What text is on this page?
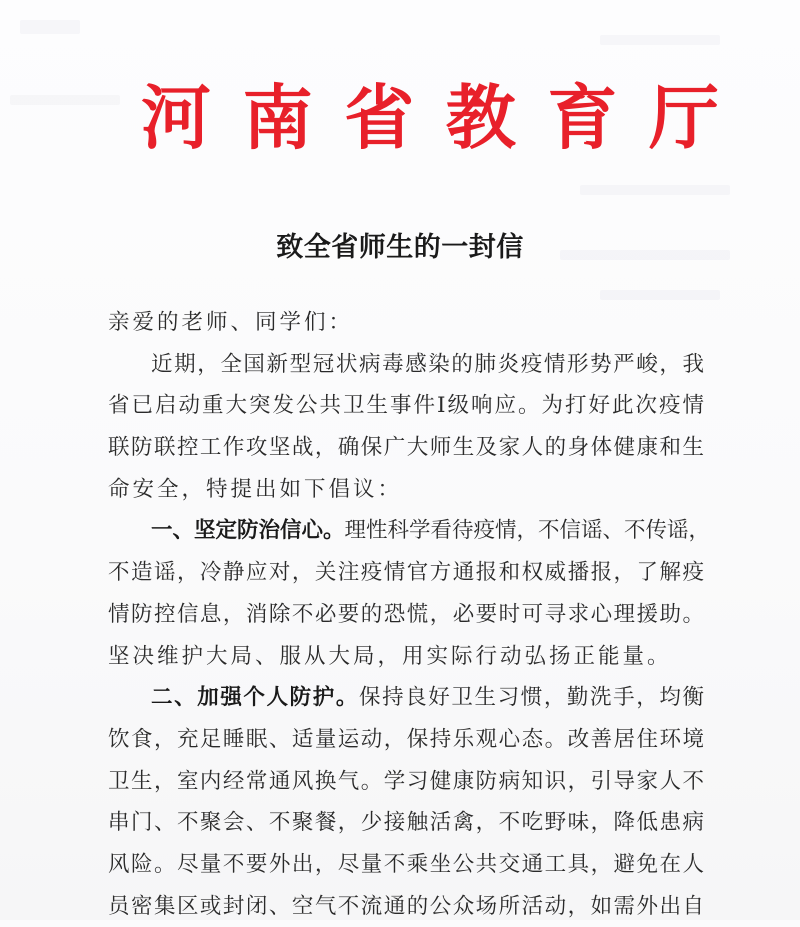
河 南 省 教 育 厅
致全省师生的一封信
亲爱的老师、同学们：
近期，全国新型冠状病毒感染的肺炎疫情形势严峻，我
省已启动重大突发公共卫生事件Ⅰ级响应。为打好此次疫情
联防联控工作攻坚战，确保广大师生及家人的身体健康和生
命安全，特提出如下倡议：
一、坚定防治信心。理性科学看待疫情，不信谣、不传谣，
不造谣，冷静应对，关注疫情官方通报和权威播报，了解疫
情防控信息，消除不必要的恐慌，必要时可寻求心理援助。
坚决维护大局、服从大局，用实际行动弘扬正能量。
二、加强个人防护。保持良好卫生习惯，勤洗手，均衡
饮食，充足睡眠、适量运动，保持乐观心态。改善居住环境
卫生，室内经常通风换气。学习健康防病知识，引导家人不
串门、不聚会、不聚餐，少接触活禽，不吃野味，降低患病
风险。尽量不要外出，尽量不乘坐公共交通工具，避免在人
员密集区或封闭、空气不流通的公众场所活动，如需外出自
